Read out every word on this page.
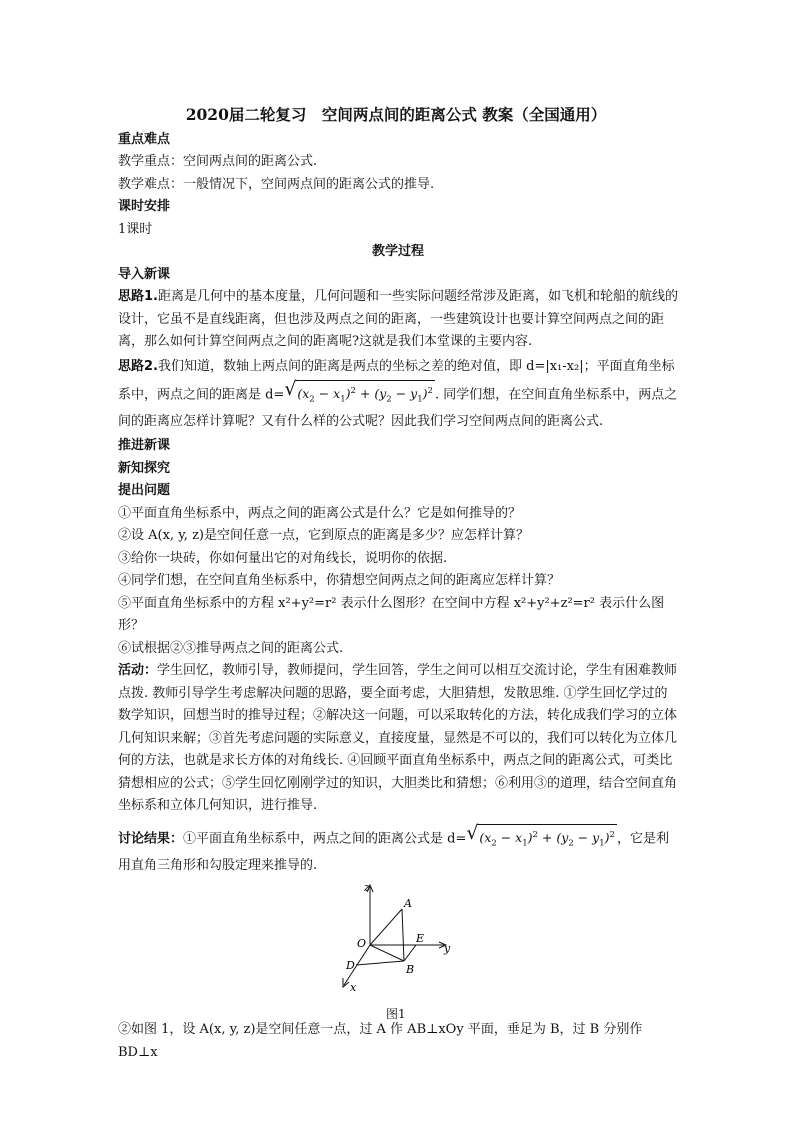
2020届二轮复习　空间两点间的距离公式 教案（全国通用）

重点难点

教学重点：空间两点间的距离公式.

教学难点：一般情况下，空间两点间的距离公式的推导.

课时安排

1课时

教学过程

导入新课

思路1.距离是几何中的基本度量，几何问题和一些实际问题经常涉及距离，如飞机和轮船的航线的设计，它虽不是直线距离，但也涉及两点之间的距离，一些建筑设计也要计算空间两点之间的距离，那么如何计算空间两点之间的距离呢?这就是我们本堂课的主要内容.

思路2.我们知道，数轴上两点间的距离是两点的坐标之差的绝对值，即 d=|x₁-x₂|；平面直角坐标系中，两点之间的距离是 d= √ $(x_2 - x_1)^2 + (y_2 - y_1)^2$ . 同学们想，在空间直角坐标系中，两点之间的距离应怎样计算呢？又有什么样的公式呢？因此我们学习空间两点间的距离公式.

推进新课

新知探究

提出问题

①平面直角坐标系中，两点之间的距离公式是什么？它是如何推导的？

②设 A(x, y, z)是空间任意一点，它到原点的距离是多少？应怎样计算？

③给你一块砖，你如何量出它的对角线长，说明你的依据.

④同学们想，在空间直角坐标系中，你猜想空间两点之间的距离应怎样计算？

⑤平面直角坐标系中的方程 x²+y²=r² 表示什么图形？在空间中方程 x²+y²+z²=r² 表示什么图形？

⑥试根据②③推导两点之间的距离公式.

活动：学生回忆，教师引导，教师提问，学生回答，学生之间可以相互交流讨论，学生有困难教师点拨. 教师引导学生考虑解决问题的思路，要全面考虑，大胆猜想，发散思维. ①学生回忆学过的数学知识，回想当时的推导过程；②解决这一问题，可以采取转化的方法，转化成我们学习的立体几何知识来解；③首先考虑问题的实际意义，直接度量，显然是不可以的，我们可以转化为立体几何的方法，也就是求长方体的对角线长. ④回顾平面直角坐标系中，两点之间的距离公式，可类比猜想相应的公式；⑤学生回忆刚刚学过的知识，大胆类比和猜想；⑥利用③的道理，结合空间直角坐标系和立体几何知识，进行推导.

讨论结果：①平面直角坐标系中，两点之间的距离公式是 d= √ $(x_2 - x_1)^2 + (y_2 - y_1)^2$ ，它是利用直角三角形和勾股定理来推导的.

z
A
O	E
y
D	B
x
图1

②如图 1，设 A(x, y, z)是空间任意一点，过 A 作 AB⊥xOy 平面，垂足为 B，过 B 分别作 BD⊥x
